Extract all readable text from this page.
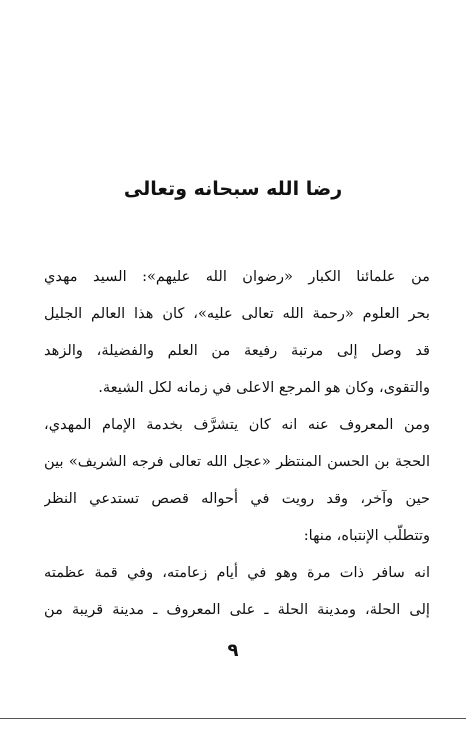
رضا الله سبحانه وتعالى
من علمائنا الكبار «رضوان الله عليهم»: السيد مهدي
بحر العلوم «رحمة الله تعالى عليه»، كان هذا العالم الجليل
قد وصل إلى مرتبة رفيعة من العلم والفضيلة، والزهد
والتقوى، وكان هو المرجع الاعلى في زمانه لكل الشيعة.
ومن المعروف عنه انه كان يتشرَّف بخدمة الإمام المهدي،
الحجة بن الحسن المنتظر «عجل الله تعالى فرجه الشريف» بين
حين وآخر، وقد رويت في أحواله قصص تستدعي النظر
وتتطلّب الإنتباه، منها:
انه سافر ذات مرة وهو في أيام زعامته، وفي قمة عظمته
إلى الحلة، ومدينة الحلة ـ على المعروف ـ مدينة قريبة من
٩
